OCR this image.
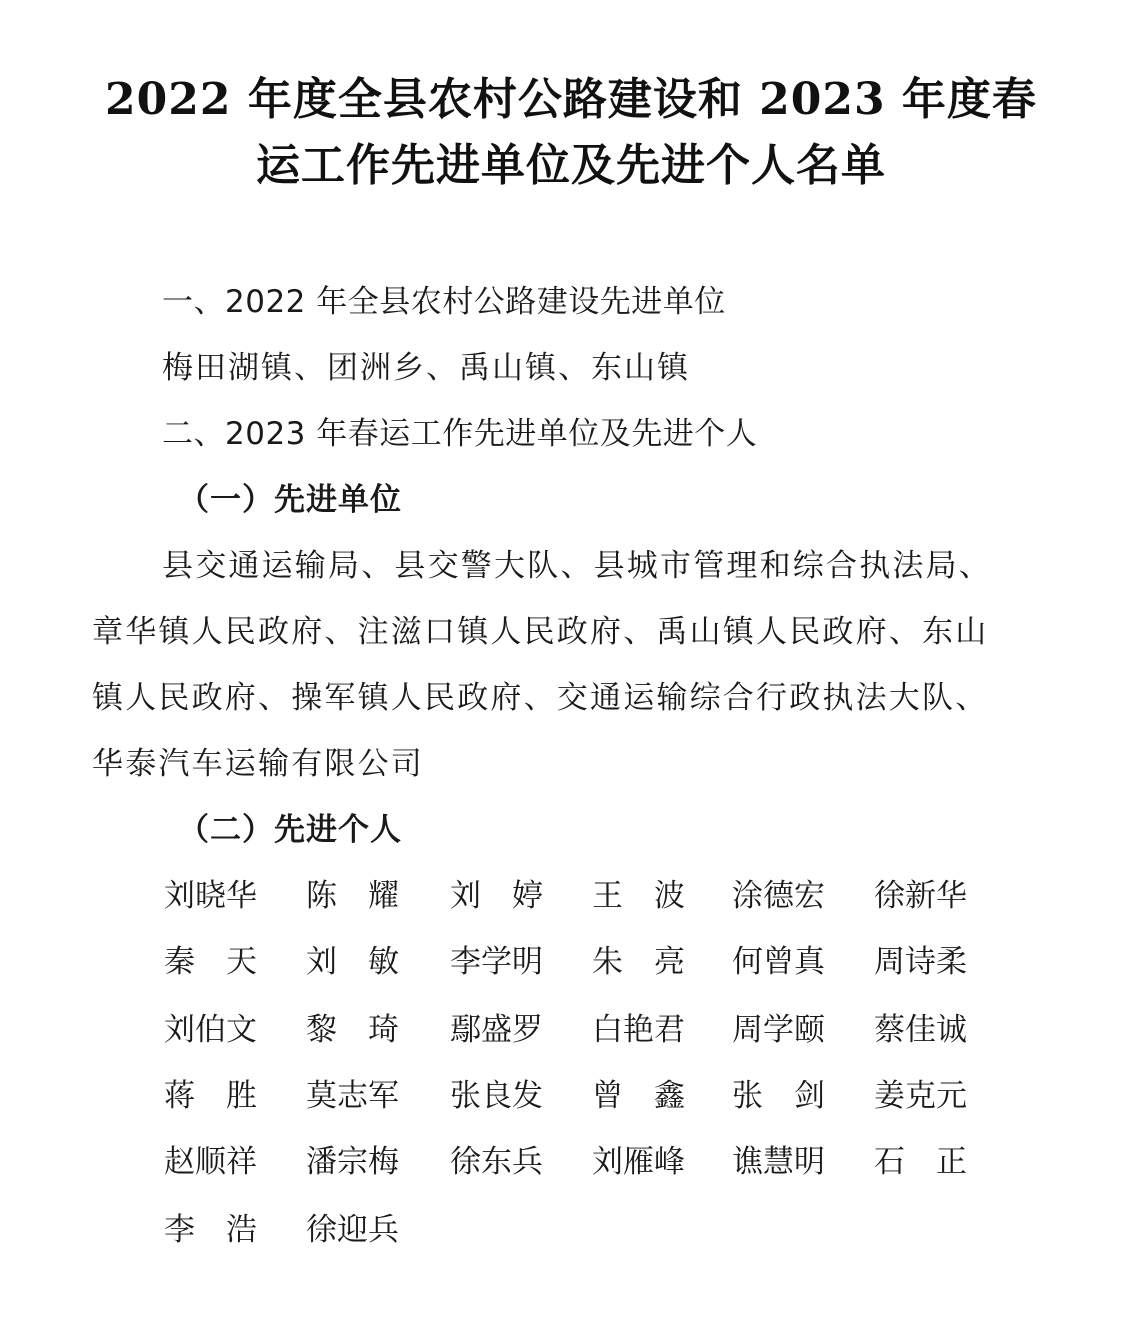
2022 年度全县农村公路建设和 2023 年度春
运工作先进单位及先进个人名单
一、2022 年全县农村公路建设先进单位
梅田湖镇、团洲乡、禹山镇、东山镇
二、2023 年春运工作先进单位及先进个人
（一）先进单位
县交通运输局、县交警大队、县城市管理和综合执法局、
章华镇人民政府、注滋口镇人民政府、禹山镇人民政府、东山
镇人民政府、操军镇人民政府、交通运输综合行政执法大队、
华泰汽车运输有限公司
（二）先进个人
刘晓华	陈　耀	刘　婷	王　波	涂德宏	徐新华
秦　天	刘　敏	李学明	朱　亮	何曾真	周诗柔
刘伯文	黎　琦	鄢盛罗	白艳君	周学颐	蔡佳诚
蒋　胜	莫志军	张良发	曾　鑫	张　剑	姜克元
赵顺祥	潘宗梅	徐东兵	刘雁峰	谯慧明	石　正
李　浩	徐迎兵
